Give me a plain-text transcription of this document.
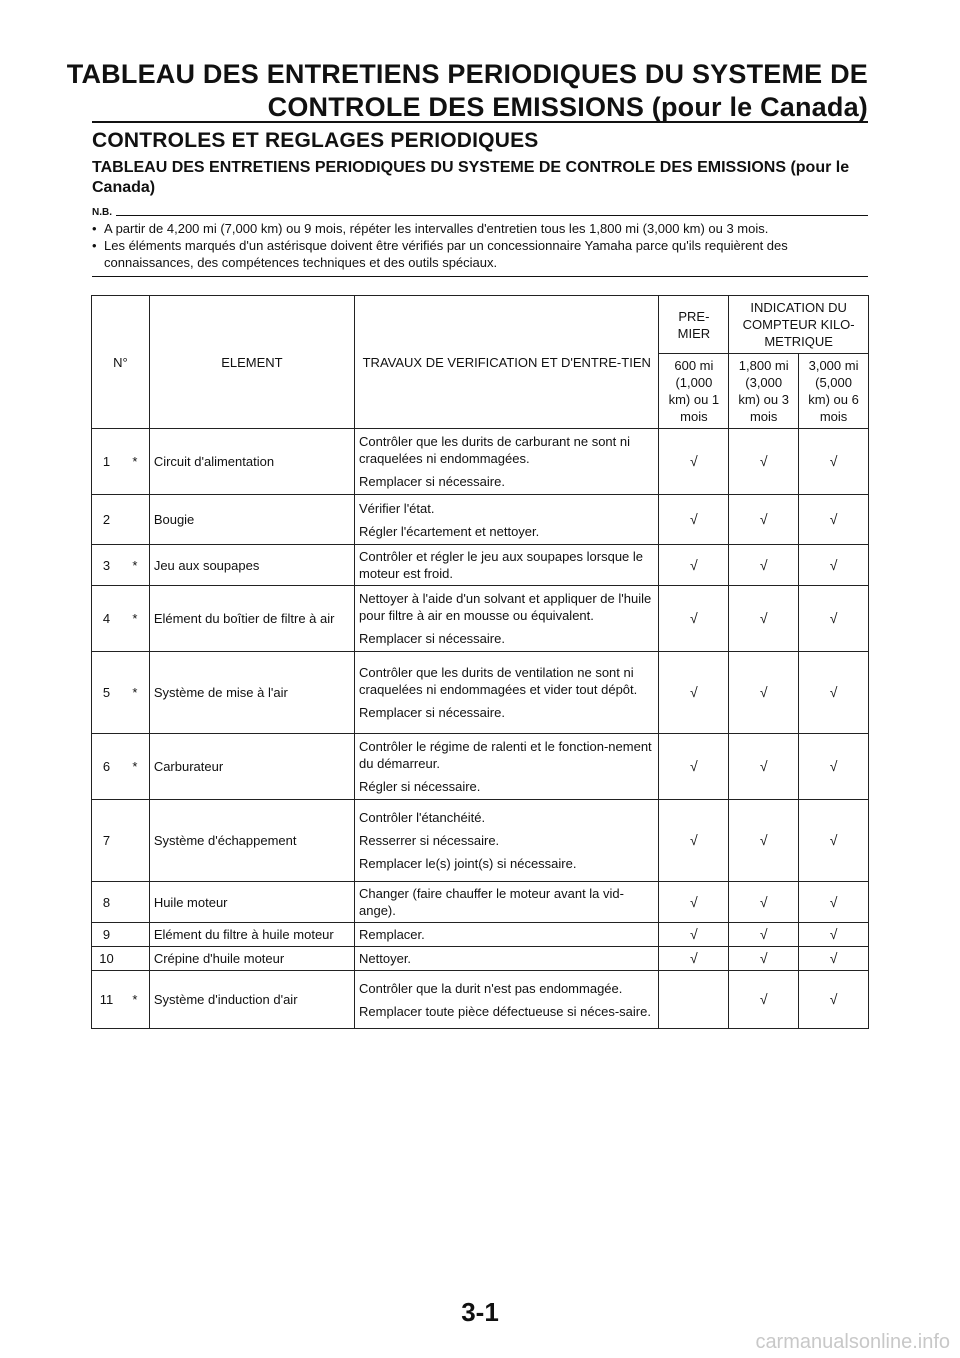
TABLEAU DES ENTRETIENS PERIODIQUES DU SYSTEME DE
CONTROLE DES EMISSIONS (pour le Canada)
CONTROLES ET REGLAGES PERIODIQUES
TABLEAU DES ENTRETIENS PERIODIQUES DU SYSTEME DE CONTROLE DES EMISSIONS (pour le Canada)
N.B.
• A partir de 4,200 mi (7,000 km) ou 9 mois, répéter les intervalles d'entretien tous les 1,800 mi (3,000 km) ou 3 mois.
• Les éléments marqués d'un astérisque doivent être vérifiés par un concessionnaire Yamaha parce qu'ils requièrent des connaissances, des compétences techniques et des outils spéciaux.
N°		ELEMENT	TRAVAUX DE VERIFICATION ET D'ENTRE-TIEN	PRE-MIER	INDICATION DU COMPTEUR KILO-METRIQUE	
				600 mi (1,000 km) ou 1 mois	1,800 mi (3,000 km) ou 3 mois	3,000 mi (5,000 km) ou 6 mois
1	*	Circuit d'alimentation	Contrôler que les durits de carburant ne sont ni craquelées ni endommagées.
Remplacer si nécessaire.	√	√	√
2		Bougie	Vérifier l'état.
Régler l'écartement et nettoyer.	√	√	√
3	*	Jeu aux soupapes	Contrôler et régler le jeu aux soupapes lorsque le moteur est froid.	√	√	√
4	*	Elément du boîtier de filtre à air	Nettoyer à l'aide d'un solvant et appliquer de l'huile pour filtre à air en mousse ou équivalent.
Remplacer si nécessaire.	√	√	√
5	*	Système de mise à l'air	Contrôler que les durits de ventilation ne sont ni craquelées ni endommagées et vider tout dépôt.
Remplacer si nécessaire.	√	√	√
6	*	Carburateur	Contrôler le régime de ralenti et le fonction-nement du démarreur.
Régler si nécessaire.	√	√	√
7		Système d'échappement	Contrôler l'étanchéité.
Resserrer si nécessaire.
Remplacer le(s) joint(s) si nécessaire.	√	√	√
8		Huile moteur	Changer (faire chauffer le moteur avant la vid-ange).	√	√	√
9		Elément du filtre à huile moteur	Remplacer.	√	√	√
10		Crépine d'huile moteur	Nettoyer.	√	√	√
11	*	Système d'induction d'air	Contrôler que la durit n'est pas endommagée.
Remplacer toute pièce défectueuse si néces-saire.		√	√
3-1
carmanualsonline.info
